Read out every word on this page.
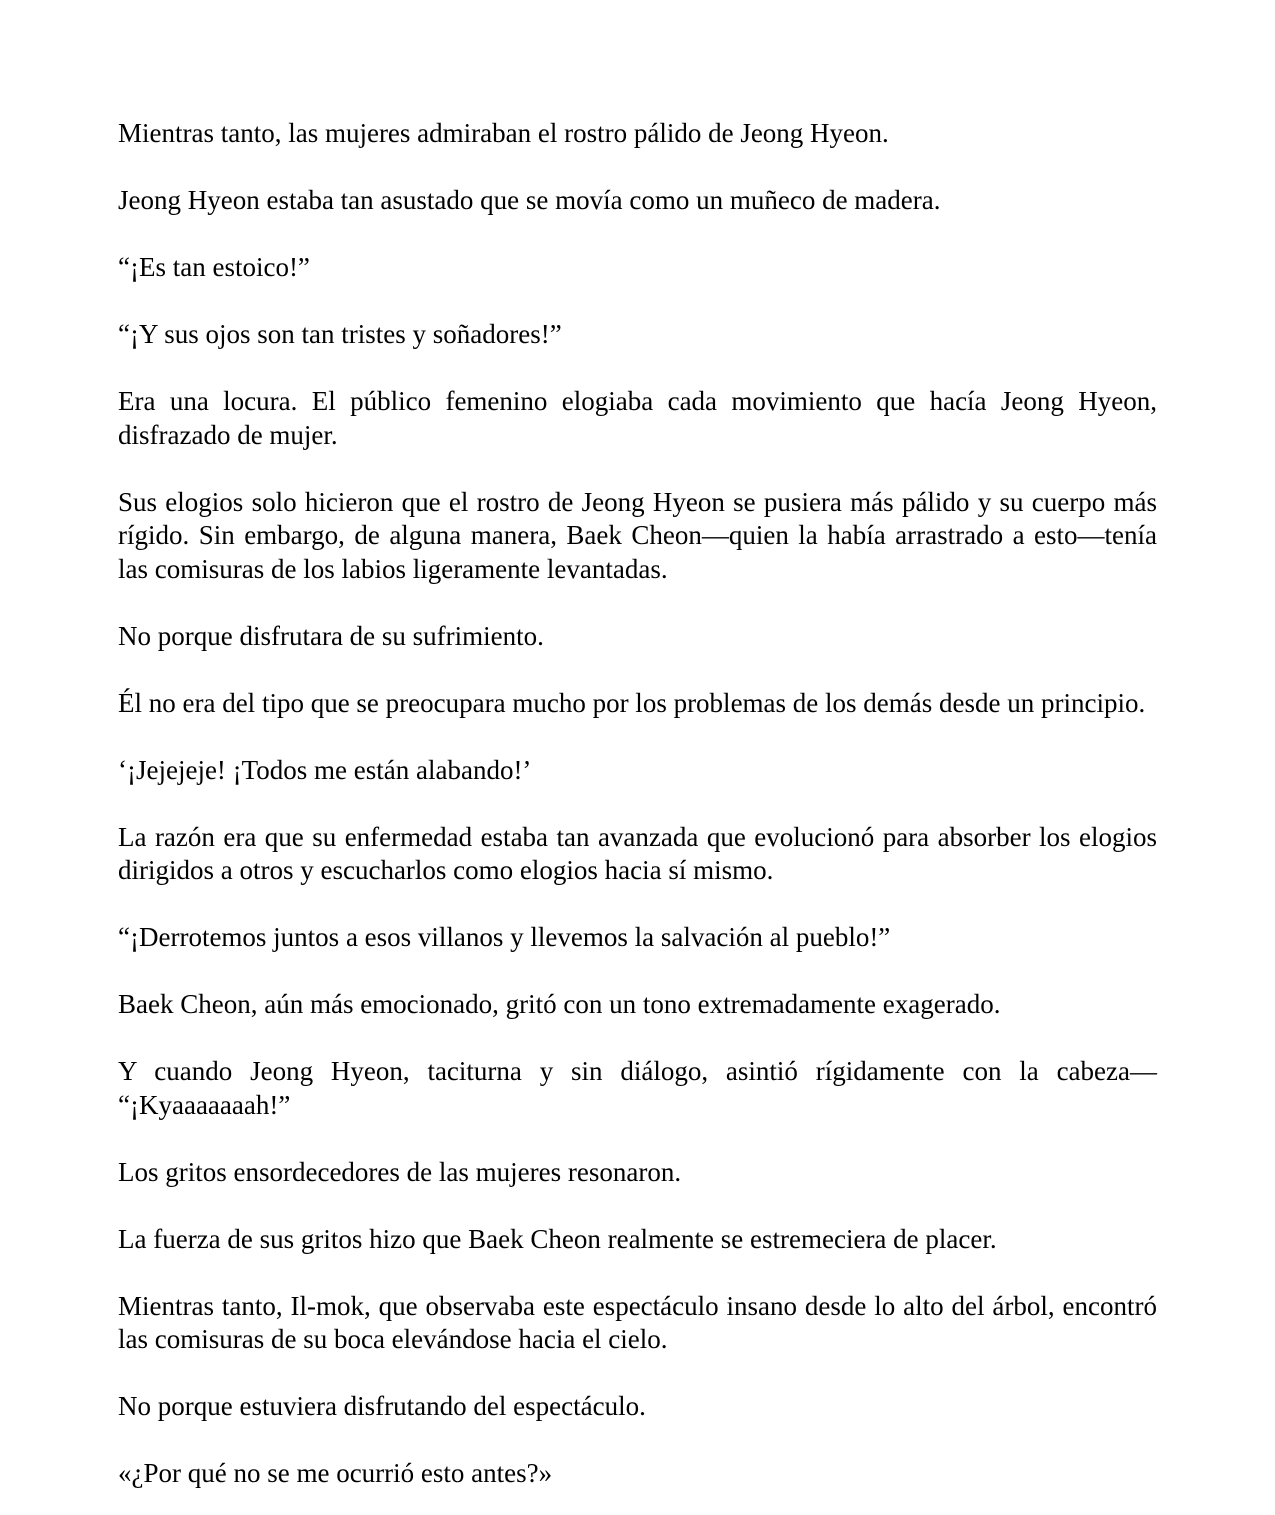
Mientras tanto, las mujeres admiraban el rostro pálido de Jeong Hyeon.

Jeong Hyeon estaba tan asustado que se movía como un muñeco de madera.

“¡Es tan estoico!”

“¡Y sus ojos son tan tristes y soñadores!”

Era una locura. El público femenino elogiaba cada movimiento que hacía Jeong Hyeon, disfrazado de mujer.

Sus elogios solo hicieron que el rostro de Jeong Hyeon se pusiera más pálido y su cuerpo más rígido. Sin embargo, de alguna manera, Baek Cheon—quien la había arrastrado a esto—tenía las comisuras de los labios ligeramente levantadas.

No porque disfrutara de su sufrimiento.

Él no era del tipo que se preocupara mucho por los problemas de los demás desde un principio.

‘¡Jejejeje! ¡Todos me están alabando!’

La razón era que su enfermedad estaba tan avanzada que evolucionó para absorber los elogios dirigidos a otros y escucharlos como elogios hacia sí mismo.

“¡Derrotemos juntos a esos villanos y llevemos la salvación al pueblo!”

Baek Cheon, aún más emocionado, gritó con un tono extremadamente exagerado.

Y cuando Jeong Hyeon, taciturna y sin diálogo, asintió rígidamente con la cabeza— “¡Kyaaaaaaah!”

Los gritos ensordecedores de las mujeres resonaron.

La fuerza de sus gritos hizo que Baek Cheon realmente se estremeciera de placer.

Mientras tanto, Il-mok, que observaba este espectáculo insano desde lo alto del árbol, encontró las comisuras de su boca elevándose hacia el cielo.

No porque estuviera disfrutando del espectáculo.

«¿Por qué no se me ocurrió esto antes?»
